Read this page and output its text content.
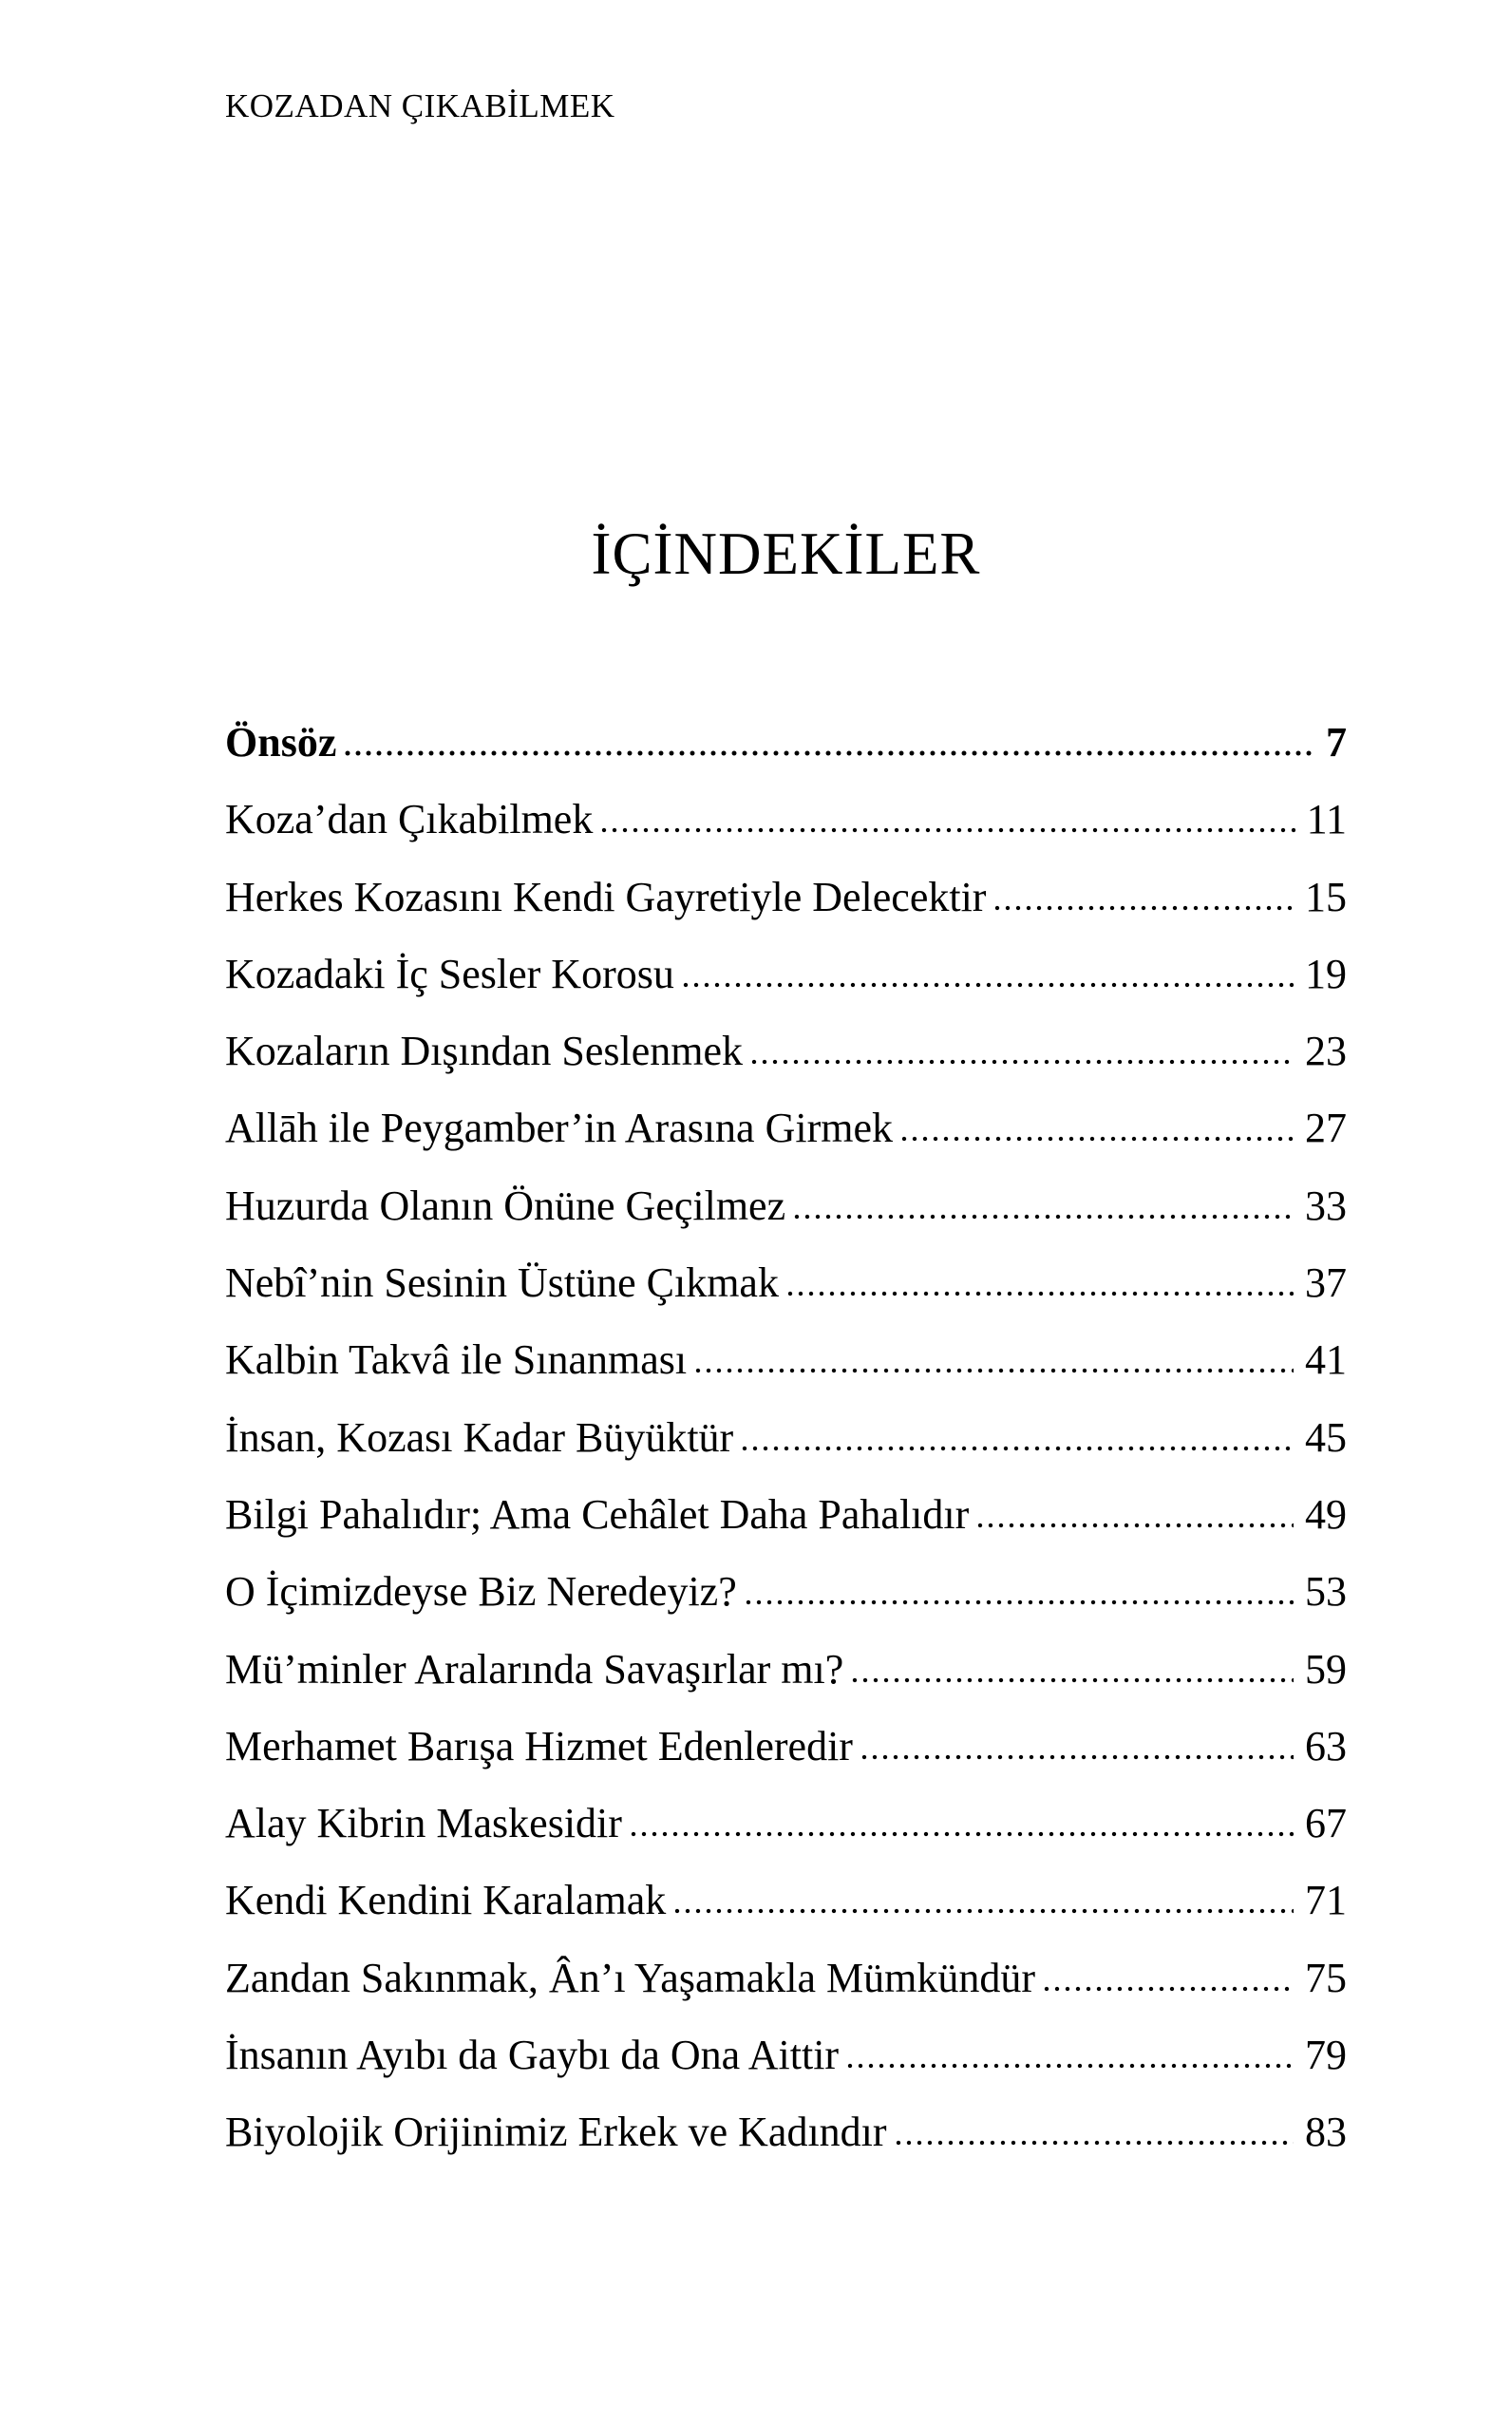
KOZADAN ÇIKABİLMEK
İÇİNDEKİLER
Önsöz	7
Koza’dan Çıkabilmek	11
Herkes Kozasını Kendi Gayretiyle Delecektir	15
Kozadaki İç Sesler Korosu	19
Kozaların Dışından Seslenmek	23
Allāh ile Peygamber’in Arasına Girmek	27
Huzurda Olanın Önüne Geçilmez	33
Nebî’nin Sesinin Üstüne Çıkmak	37
Kalbin Takvâ ile Sınanması	41
İnsan, Kozası Kadar Büyüktür	45
Bilgi Pahalıdır; Ama Cehâlet Daha Pahalıdır	49
O İçimizdeyse Biz Neredeyiz?	53
Mü’minler Aralarında Savaşırlar mı?	59
Merhamet Barışa Hizmet Edenleredir	63
Alay Kibrin Maskesidir	67
Kendi Kendini Karalamak	71
Zandan Sakınmak, Ân’ı Yaşamakla Mümkündür	75
İnsanın Ayıbı da Gaybı da Ona Aittir	79
Biyolojik Orijinimiz Erkek ve Kadındır	83
